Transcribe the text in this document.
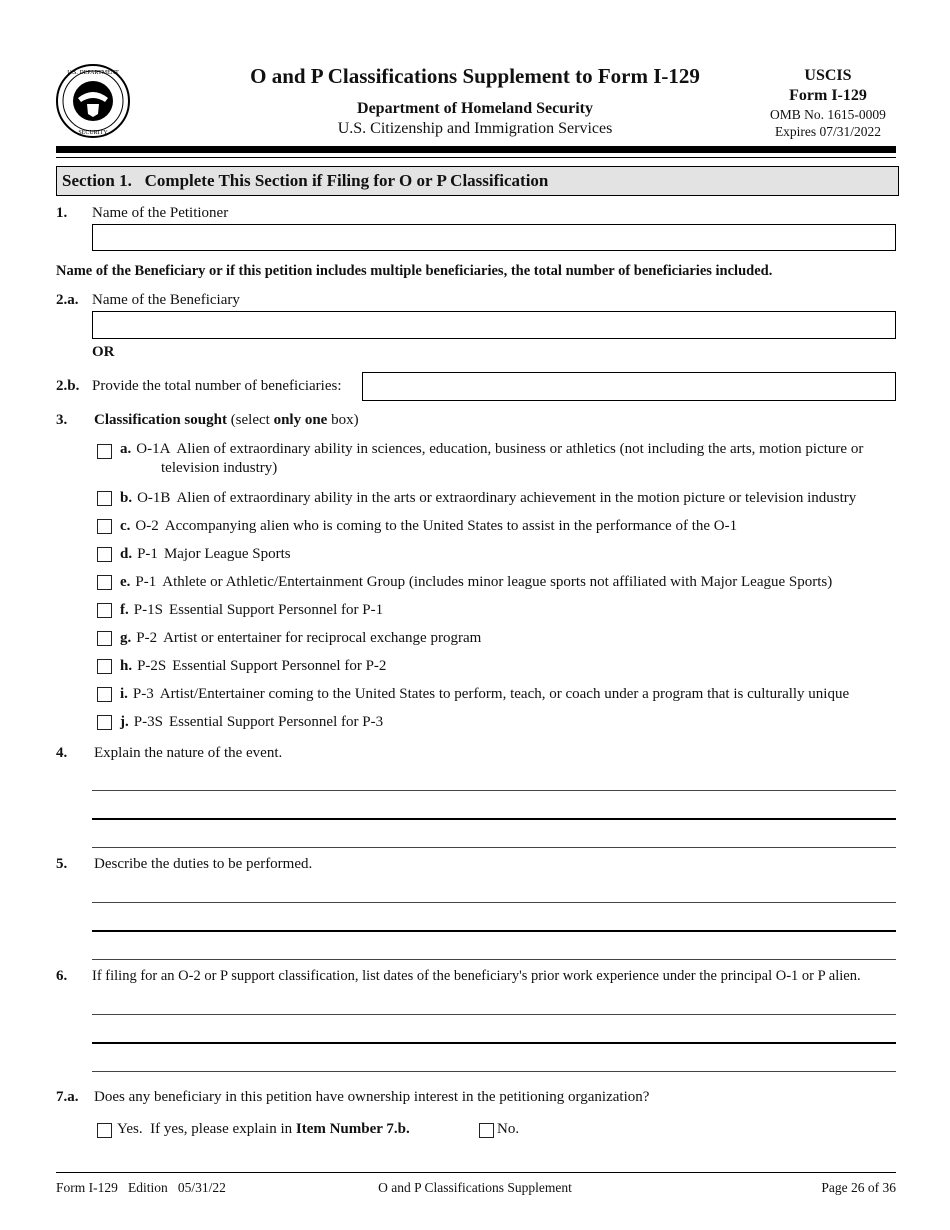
U.S. DEPARTMENT
SECURITY
O and P Classifications Supplement to Form I-129
Department of Homeland Security
U.S. Citizenship and Immigration Services
USCIS
Form I-129
OMB No. 1615-0009
Expires 07/31/2022
Section 1.   Complete This Section if Filing for O or P Classification
1. Name of the Petitioner
Name of the Beneficiary or if this petition includes multiple beneficiaries, the total number of beneficiaries included.
2.a. Name of the Beneficiary
OR
2.b. Provide the total number of beneficiaries:
3. Classification sought (select only one box)
a. O-1A Alien of extraordinary ability in sciences, education, business or athletics (not including the arts, motion picture or television industry)
b. O-1B Alien of extraordinary ability in the arts or extraordinary achievement in the motion picture or television industry
c. O-2 Accompanying alien who is coming to the United States to assist in the performance of the O-1
d. P-1 Major League Sports
e. P-1 Athlete or Athletic/Entertainment Group (includes minor league sports not affiliated with Major League Sports)
f. P-1S Essential Support Personnel for P-1
g. P-2 Artist or entertainer for reciprocal exchange program
h. P-2S Essential Support Personnel for P-2
i. P-3 Artist/Entertainer coming to the United States to perform, teach, or coach under a program that is culturally unique
j. P-3S Essential Support Personnel for P-3
4. Explain the nature of the event.
5. Describe the duties to be performed.
6. If filing for an O-2 or P support classification, list dates of the beneficiary's prior work experience under the principal O-1 or P alien.
7.a. Does any beneficiary in this petition have ownership interest in the petitioning organization?
Yes.  If yes, please explain in Item Number 7.b.	No.
Form I-129   Edition   05/31/22	O and P Classifications Supplement	Page 26 of 36
